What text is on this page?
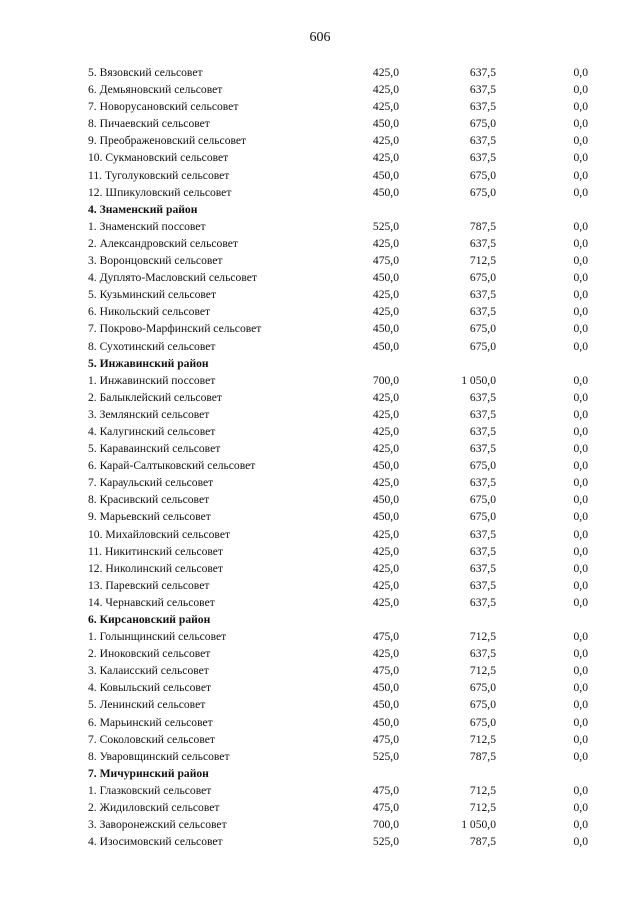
606
5. Вязовский сельсовет	425,0	637,5	0,0
6. Демьяновский сельсовет	425,0	637,5	0,0
7. Новорусановский сельсовет	425,0	637,5	0,0
8. Пичаевский сельсовет	450,0	675,0	0,0
9. Преображеновский сельсовет	425,0	637,5	0,0
10. Сукмановский сельсовет	425,0	637,5	0,0
11. Туголуковский сельсовет	450,0	675,0	0,0
12. Шпикуловский сельсовет	450,0	675,0	0,0
4. Знаменский район
1. Знаменский поссовет	525,0	787,5	0,0
2. Александровский сельсовет	425,0	637,5	0,0
3. Воронцовский сельсовет	475,0	712,5	0,0
4. Дуплято-Масловский сельсовет	450,0	675,0	0,0
5. Кузьминский сельсовет	425,0	637,5	0,0
6. Никольский сельсовет	425,0	637,5	0,0
7. Покрово-Марфинский сельсовет	450,0	675,0	0,0
8. Сухотинский сельсовет	450,0	675,0	0,0
5. Инжавинский район
1. Инжавинский поссовет	700,0	1 050,0	0,0
2. Балыклейский сельсовет	425,0	637,5	0,0
3. Землянский сельсовет	425,0	637,5	0,0
4. Калугинский сельсовет	425,0	637,5	0,0
5. Караваинский сельсовет	425,0	637,5	0,0
6. Карай-Салтыковский сельсовет	450,0	675,0	0,0
7. Караульский сельсовет	425,0	637,5	0,0
8. Красивский сельсовет	450,0	675,0	0,0
9. Марьевский сельсовет	450,0	675,0	0,0
10. Михайловский сельсовет	425,0	637,5	0,0
11. Никитинский сельсовет	425,0	637,5	0,0
12. Николинский сельсовет	425,0	637,5	0,0
13. Паревский сельсовет	425,0	637,5	0,0
14. Чернавский сельсовет	425,0	637,5	0,0
6. Кирсановский район
1. Голынщинский сельсовет	475,0	712,5	0,0
2. Иноковский сельсовет	425,0	637,5	0,0
3. Калаисский сельсовет	475,0	712,5	0,0
4. Ковыльский сельсовет	450,0	675,0	0,0
5. Ленинский сельсовет	450,0	675,0	0,0
6. Марьинский сельсовет	450,0	675,0	0,0
7. Соколовский сельсовет	475,0	712,5	0,0
8. Уваровщинский сельсовет	525,0	787,5	0,0
7. Мичуринский район
1. Глазковский сельсовет	475,0	712,5	0,0
2. Жидиловский сельсовет	475,0	712,5	0,0
3. Заворонежский сельсовет	700,0	1 050,0	0,0
4. Изосимовский сельсовет	525,0	787,5	0,0
